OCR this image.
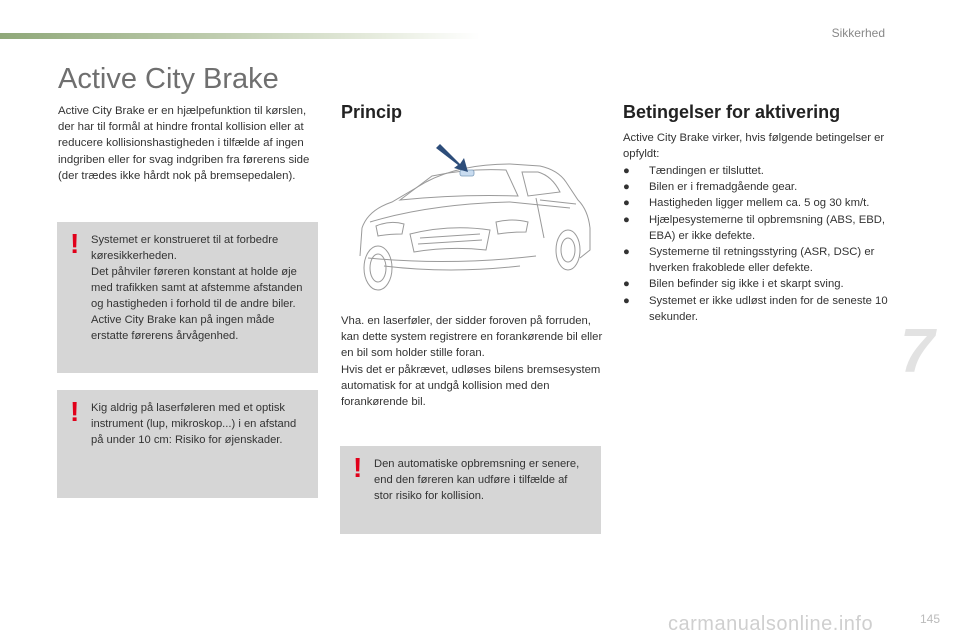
Sikkerhed
Active City Brake

Active City Brake er en hjælpefunktion til kørslen, der har til formål at hindre frontal kollision eller at reducere kollisionshastigheden i tilfælde af ingen indgriben eller for svag indgriben fra førerens side (der trædes ikke hårdt nok på bremsepedalen).

! Systemet er konstrueret til at forbedre køresikkerheden.

Det påhviler føreren konstant at holde øje med trafikken samt at afstemme afstanden og hastigheden i forhold til de andre biler.

Active City Brake kan på ingen måde erstatte førerens årvågenhed.

! Kig aldrig på laserføleren med et optisk instrument (lup, mikroskop...) i en afstand på under 10 cm: Risiko for øjenskader.

Princip

Vha. en laserføler, der sidder foroven på forruden, kan dette system registrere en forankørende bil eller en bil som holder stille foran.

Hvis det er påkrævet, udløses bilens bremsesystem automatisk for at undgå kollision med den forankørende bil.

! Den automatiske opbremsning er senere, end den føreren kan udføre i tilfælde af stor risiko for kollision.

Betingelser for aktivering

Active City Brake virker, hvis følgende betingelser er opfyldt:

● Tændingen er tilsluttet.
● Bilen er i fremadgående gear.
● Hastigheden ligger mellem ca. 5 og 30 km/t.
● Hjælpesystemerne til opbremsning (ABS, EBD, EBA) er ikke defekte.
● Systemerne til retningsstyring (ASR, DSC) er hverken frakoblede eller defekte.
● Bilen befinder sig ikke i et skarpt sving.
● Systemet er ikke udløst inden for de seneste 10 sekunder.
7
carmanualsonline.info	145
